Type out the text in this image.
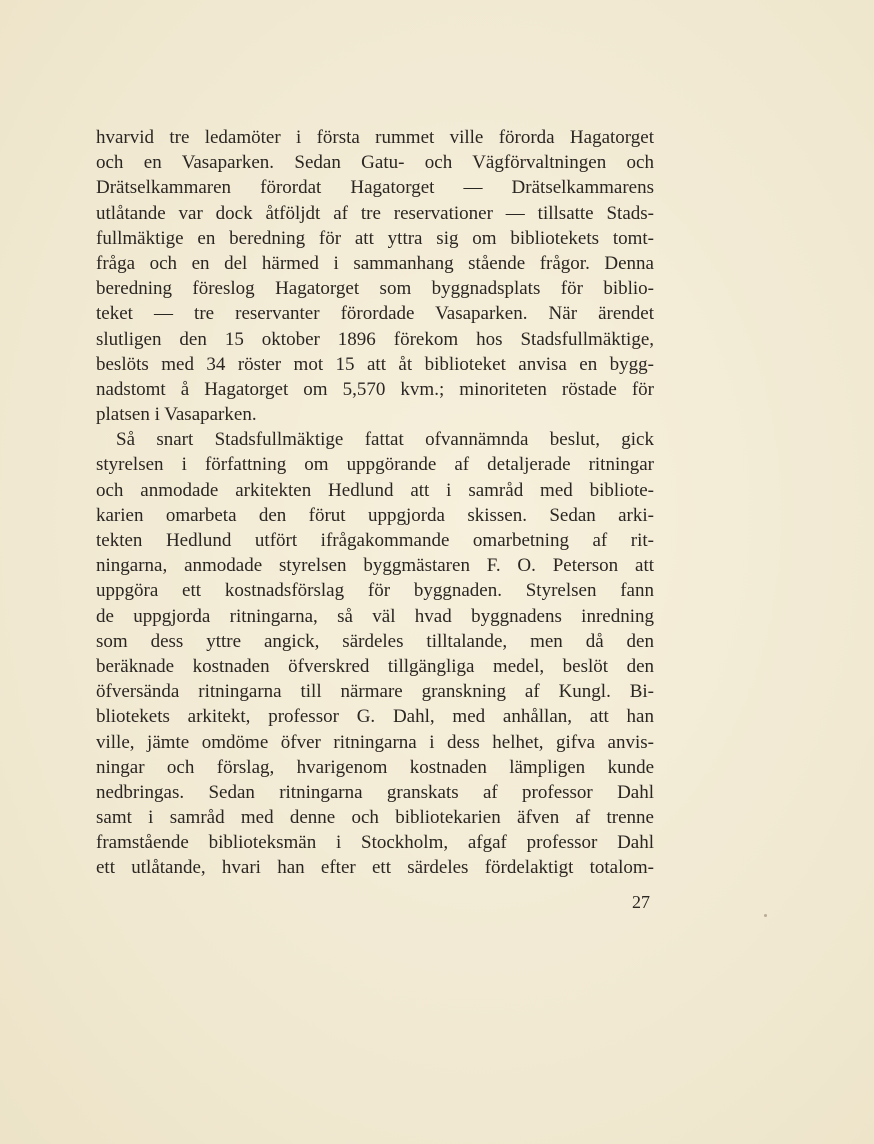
hvarvid tre ledamöter i första rummet ville förorda Hagatorget
och en Vasaparken. Sedan Gatu- och Vägförvaltningen och
Drätselkammaren förordat Hagatorget — Drätselkammarens
utlåtande var dock åtföljdt af tre reservationer — tillsatte Stads-
fullmäktige en beredning för att yttra sig om bibliotekets tomt-
fråga och en del härmed i sammanhang stående frågor. Denna
beredning föreslog Hagatorget som byggnadsplats för biblio-
teket — tre reservanter förordade Vasaparken. När ärendet
slutligen den 15 oktober 1896 förekom hos Stadsfullmäktige,
beslöts med 34 röster mot 15 att åt biblioteket anvisa en bygg-
nadstomt å Hagatorget om 5,570 kvm.; minoriteten röstade för
platsen i Vasaparken.
Så snart Stadsfullmäktige fattat ofvannämnda beslut, gick
styrelsen i författning om uppgörande af detaljerade ritningar
och anmodade arkitekten Hedlund att i samråd med bibliote-
karien omarbeta den förut uppgjorda skissen. Sedan arki-
tekten Hedlund utfört ifrågakommande omarbetning af rit-
ningarna, anmodade styrelsen byggmästaren F. O. Peterson att
uppgöra ett kostnadsförslag för byggnaden. Styrelsen fann
de uppgjorda ritningarna, så väl hvad byggnadens inredning
som dess yttre angick, särdeles tilltalande, men då den
beräknade kostnaden öfverskred tillgängliga medel, beslöt den
öfversända ritningarna till närmare granskning af Kungl. Bi-
bliotekets arkitekt, professor G. Dahl, med anhållan, att han
ville, jämte omdöme öfver ritningarna i dess helhet, gifva anvis-
ningar och förslag, hvarigenom kostnaden lämpligen kunde
nedbringas. Sedan ritningarna granskats af professor Dahl
samt i samråd med denne och bibliotekarien äfven af trenne
framstående biblioteksmän i Stockholm, afgaf professor Dahl
ett utlåtande, hvari han efter ett särdeles fördelaktigt totalom-
27
